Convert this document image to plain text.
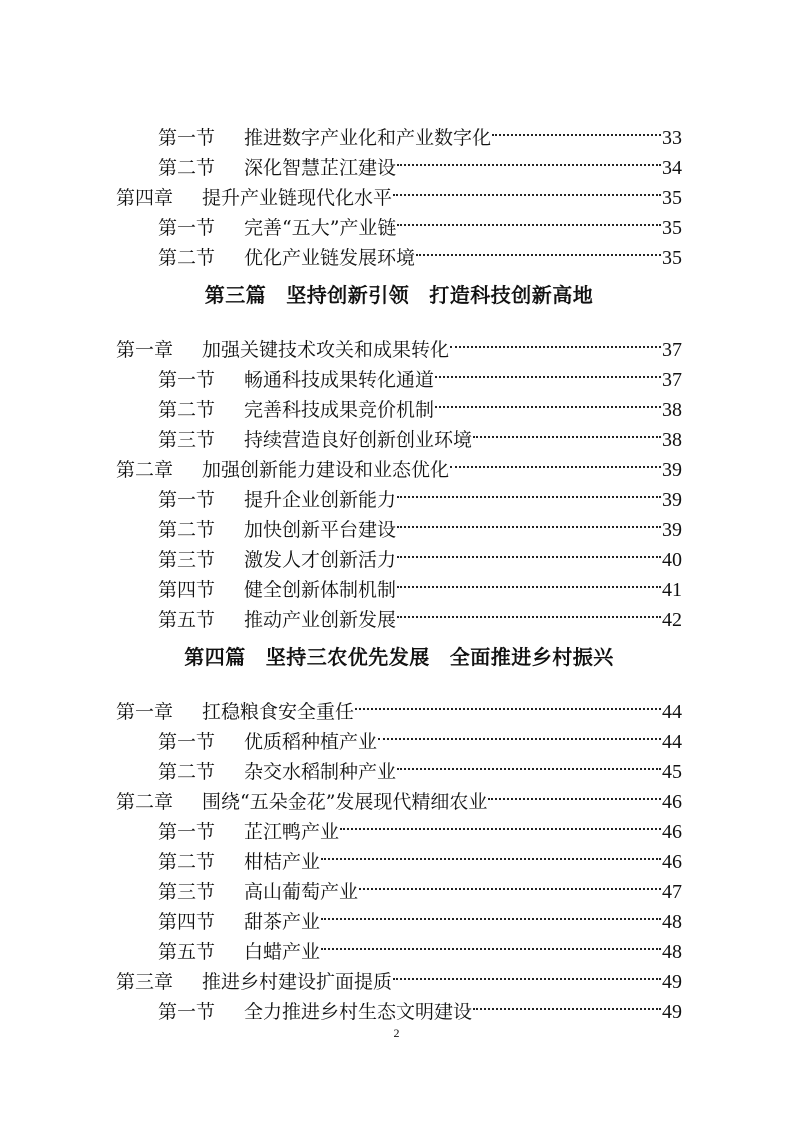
第一节	推进数字产业化和产业数字化	33
第二节	深化智慧芷江建设	34
第四章	提升产业链现代化水平	35
第一节	完善“五大”产业链	35
第二节	优化产业链发展环境	35
第三篇 坚持创新引领 打造科技创新高地
第一章	加强关键技术攻关和成果转化	37
第一节	畅通科技成果转化通道	37
第二节	完善科技成果竞价机制	38
第三节	持续营造良好创新创业环境	38
第二章	加强创新能力建设和业态优化	39
第一节	提升企业创新能力	39
第二节	加快创新平台建设	39
第三节	激发人才创新活力	40
第四节	健全创新体制机制	41
第五节	推动产业创新发展	42
第四篇 坚持三农优先发展 全面推进乡村振兴
第一章	扛稳粮食安全重任	44
第一节	优质稻种植产业	44
第二节	杂交水稻制种产业	45
第二章	围绕“五朵金花”发展现代精细农业	46
第一节	芷江鸭产业	46
第二节	柑桔产业	46
第三节	高山葡萄产业	47
第四节	甜茶产业	48
第五节	白蜡产业	48
第三章	推进乡村建设扩面提质	49
第一节	全力推进乡村生态文明建设	49
2
